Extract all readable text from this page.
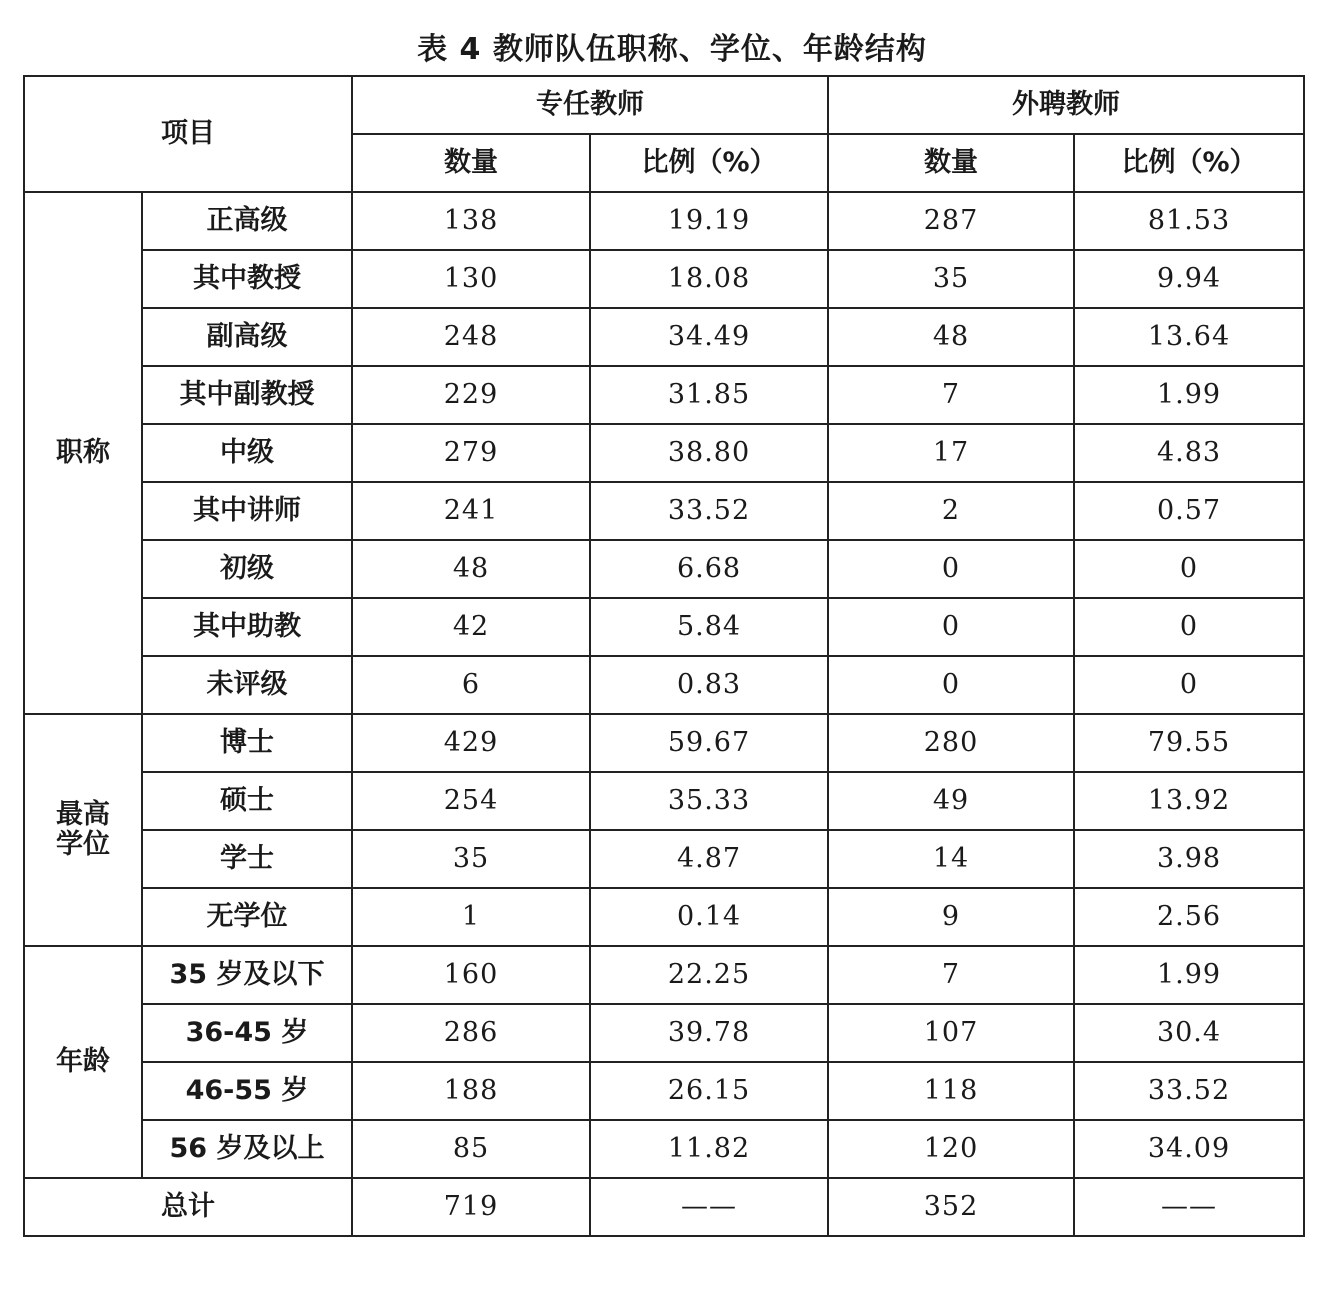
表 4 教师队伍职称、学位、年龄结构
项目		专任教师		外聘教师	
		数量	比例（%）	数量	比例（%）
职称	正高级	138	19.19	287	81.53
	其中教授	130	18.08	35	9.94
	副高级	248	34.49	48	13.64
	其中副教授	229	31.85	7	1.99
	中级	279	38.80	17	4.83
	其中讲师	241	33.52	2	0.57
	初级	48	6.68	0	0
	其中助教	42	5.84	0	0
	未评级	6	0.83	0	0
最高学位	博士	429	59.67	280	79.55
	硕士	254	35.33	49	13.92
	学士	35	4.87	14	3.98
	无学位	1	0.14	9	2.56
年龄	35 岁及以下	160	22.25	7	1.99
	36-45 岁	286	39.78	107	30.4
	46-55 岁	188	26.15	118	33.52
	56 岁及以上	85	11.82	120	34.09
总计		719	——	352	——
